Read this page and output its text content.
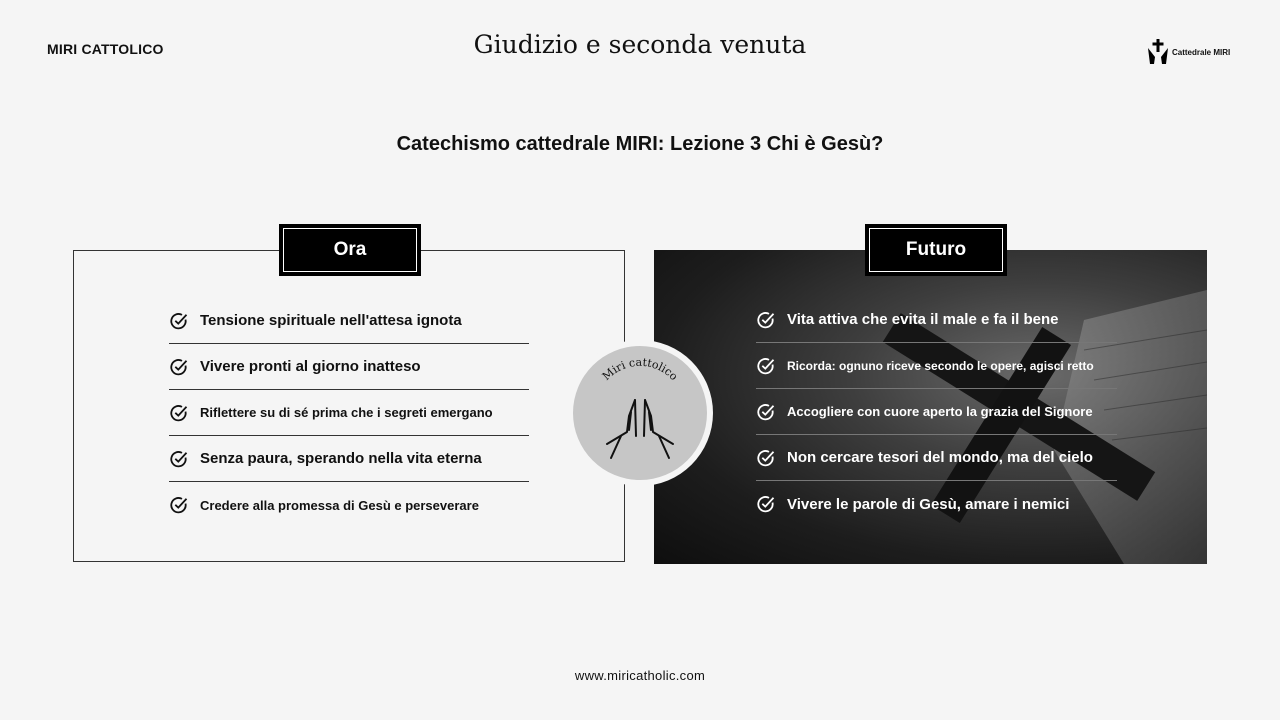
MIRI CATTOLICO	Giudizio e seconda venuta	Cattedrale MIRI
Catechismo cattedrale MIRI: Lezione 3 Chi è Gesù?
Ora	Futuro
Tensione spirituale nell'attesa ignota
Vivere pronti al giorno inatteso
Riflettere su di sé prima che i segreti emergano
Senza paura, sperando nella vita eterna
Credere alla promessa di Gesù e perseverare
Vita attiva che evita il male e fa il bene
Ricorda: ognuno riceve secondo le opere, agisci retto
Accogliere con cuore aperto la grazia del Signore
Non cercare tesori del mondo, ma del cielo
Vivere le parole di Gesù, amare i nemici
Miri cattolico
www.miricatholic.com
